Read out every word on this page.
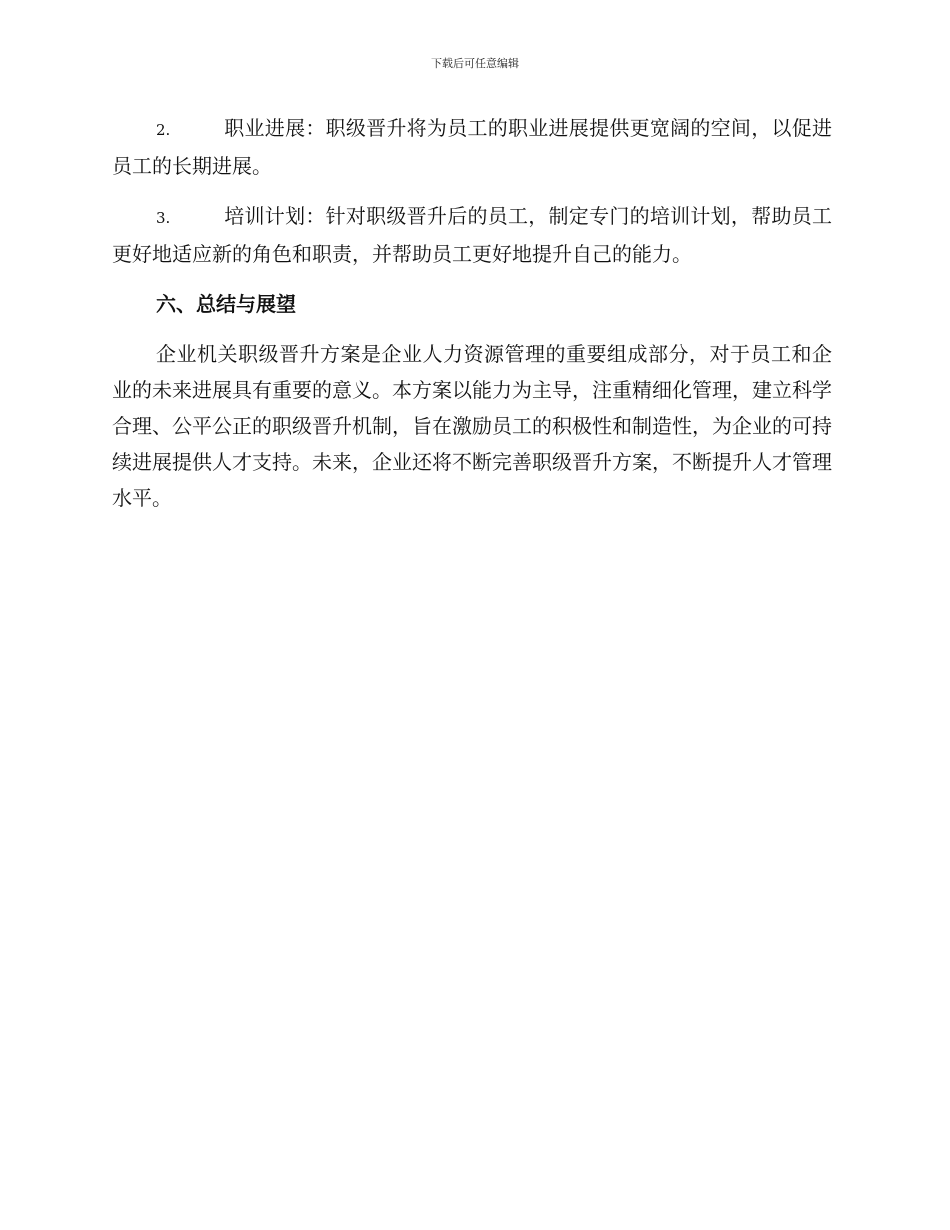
下载后可任意编辑

2.	职业进展：职级晋升将为员工的职业进展提供更宽阔的空间，以促进员工的长期进展。

3.	培训计划：针对职级晋升后的员工，制定专门的培训计划，帮助员工更好地适应新的角色和职责，并帮助员工更好地提升自己的能力。

六、总结与展望

企业机关职级晋升方案是企业人力资源管理的重要组成部分，对于员工和企业的未来进展具有重要的意义。本方案以能力为主导，注重精细化管理，建立科学合理、公平公正的职级晋升机制，旨在激励员工的积极性和制造性，为企业的可持续进展提供人才支持。未来，企业还将不断完善职级晋升方案，不断提升人才管理水平。
